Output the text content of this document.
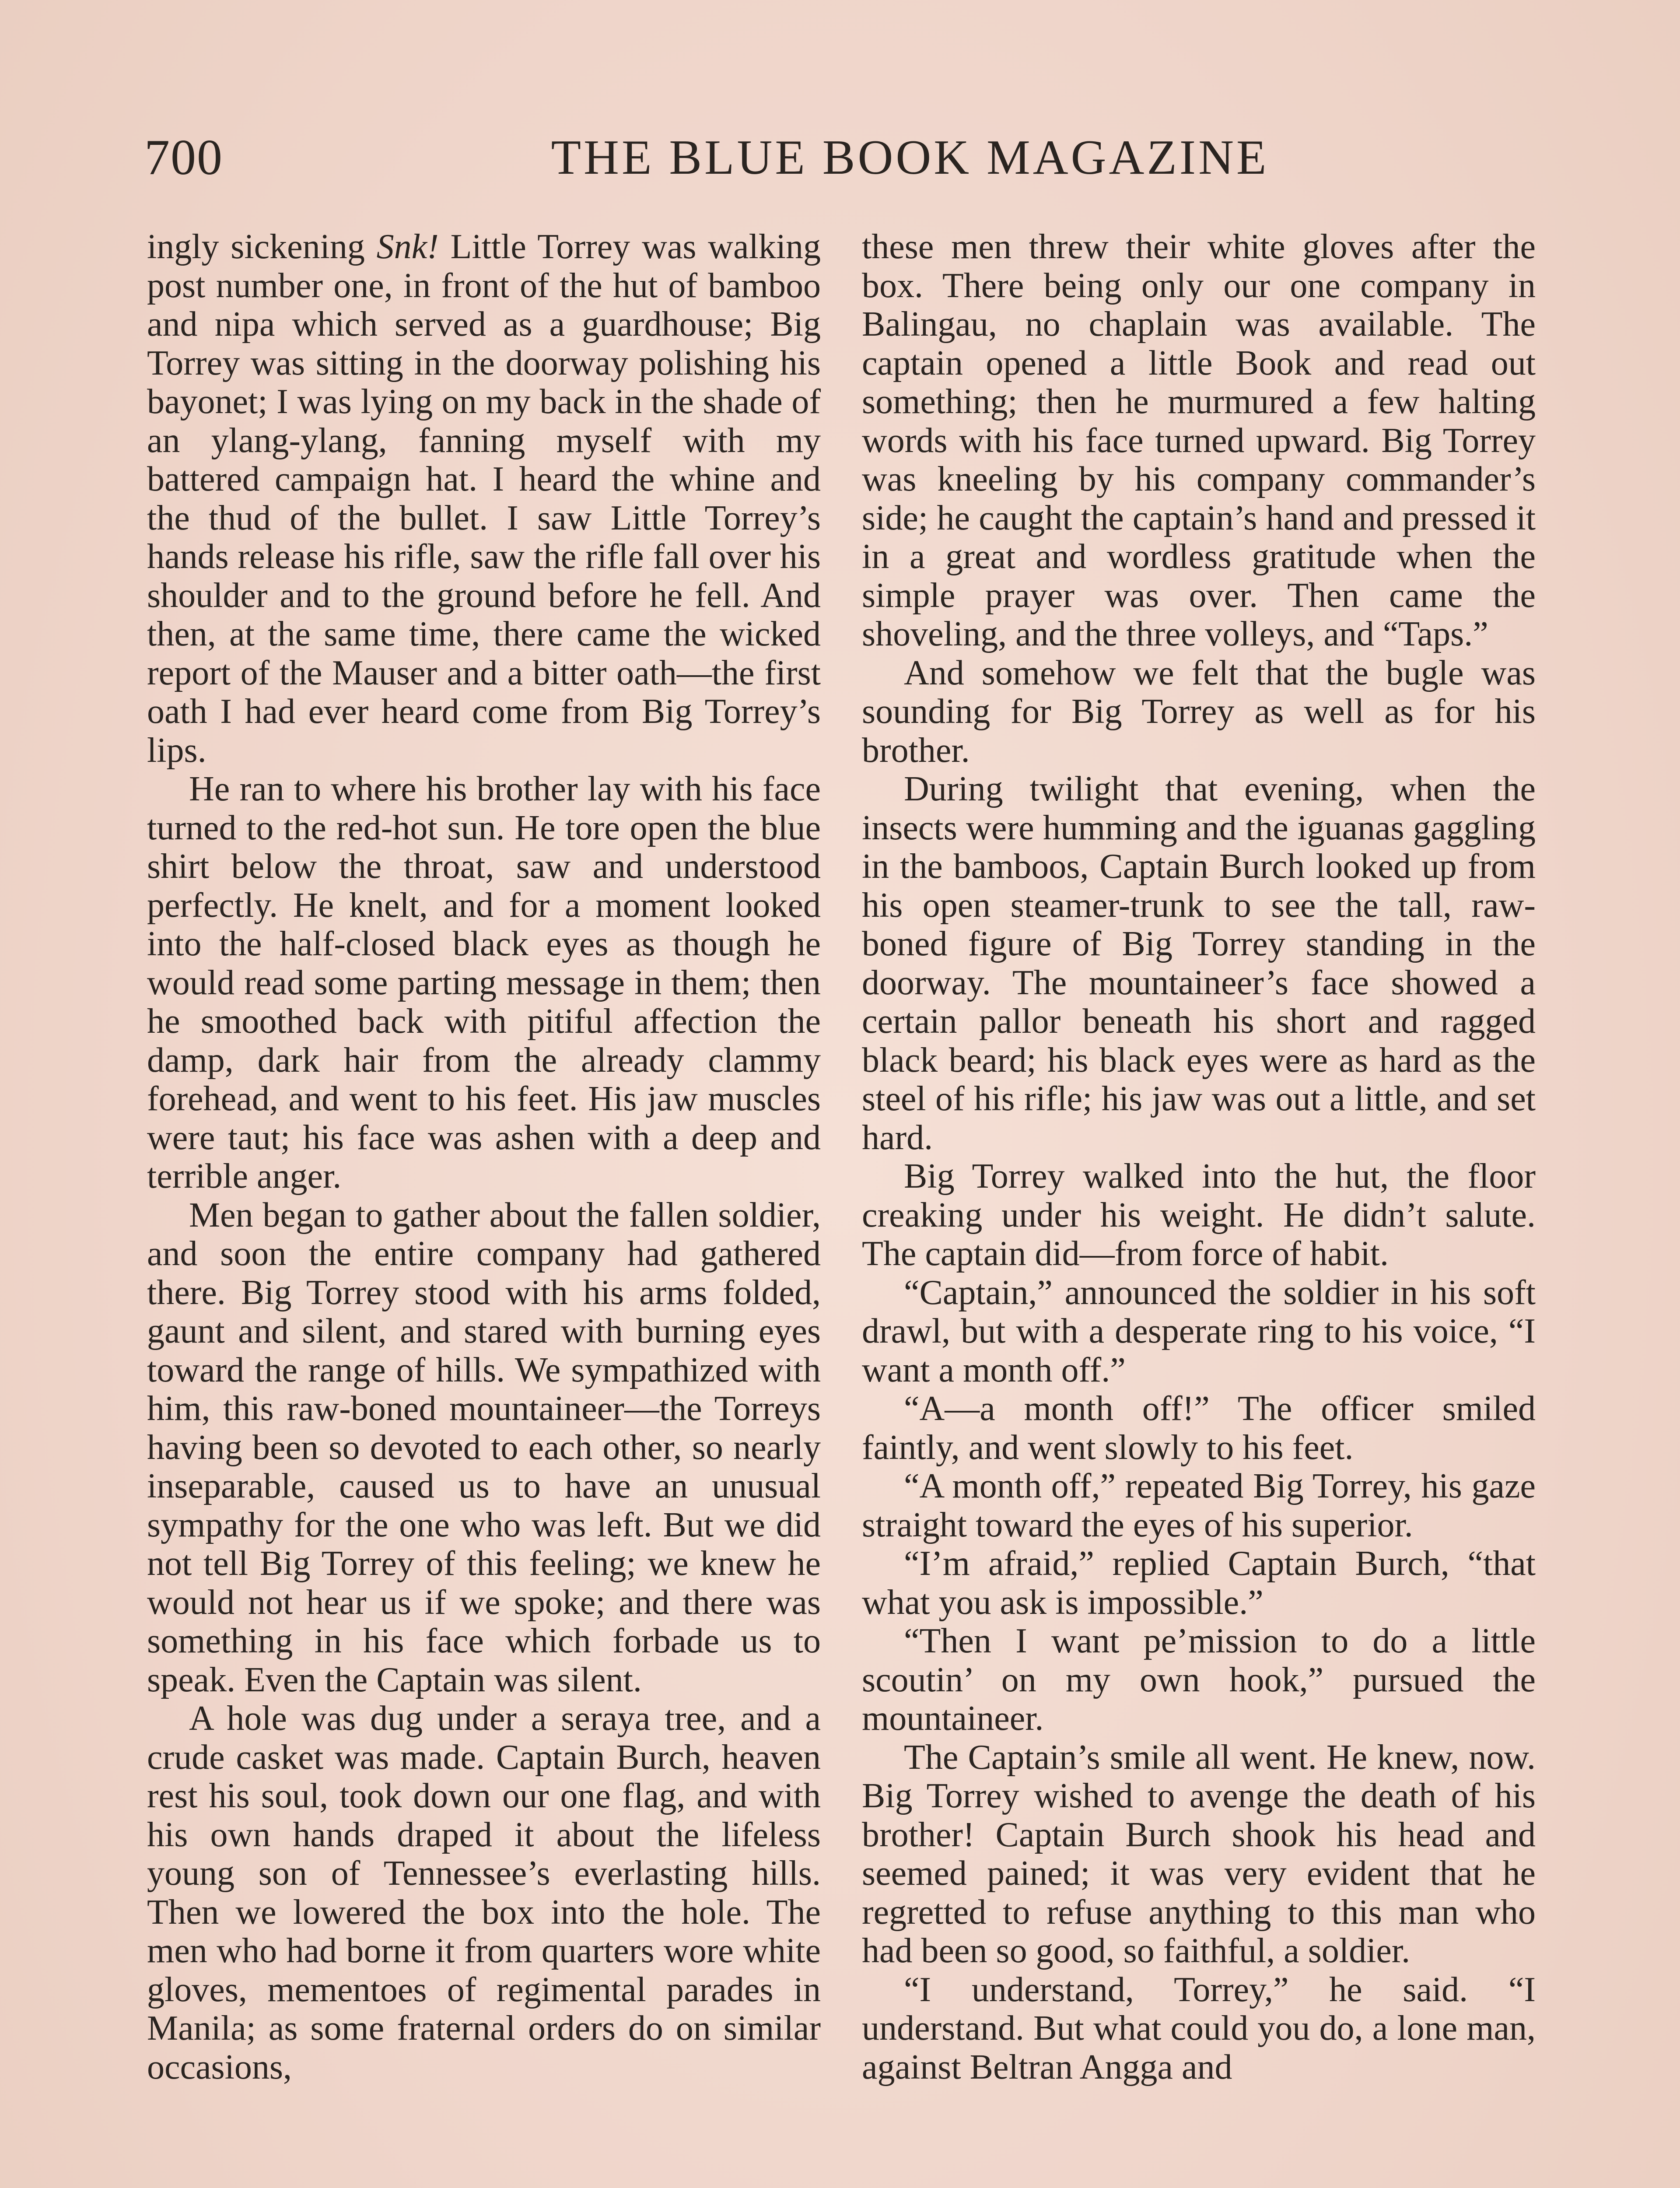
700	THE BLUE BOOK MAGAZINE

ingly sickening Snk! Little Torrey was walking post number one, in front of the hut of bamboo and nipa which served as a guardhouse; Big Torrey was sitting in the doorway polishing his bayonet; I was lying on my back in the shade of an ylang-ylang, fanning myself with my battered campaign hat. I heard the whine and the thud of the bullet. I saw Little Torrey’s hands release his rifle, saw the rifle fall over his shoulder and to the ground before he fell. And then, at the same time, there came the wicked report of the Mauser and a bitter oath—the first oath I had ever heard come from Big Torrey’s lips.

He ran to where his brother lay with his face turned to the red-hot sun. He tore open the blue shirt below the throat, saw and understood perfectly. He knelt, and for a moment looked into the half-closed black eyes as though he would read some parting message in them; then he smoothed back with pitiful affection the damp, dark hair from the already clammy forehead, and went to his feet. His jaw muscles were taut; his face was ashen with a deep and terrible anger.

Men began to gather about the fallen soldier, and soon the entire company had gathered there. Big Torrey stood with his arms folded, gaunt and silent, and stared with burning eyes toward the range of hills. We sympathized with him, this raw-boned mountaineer—the Torreys having been so devoted to each other, so nearly inseparable, caused us to have an unusual sympathy for the one who was left. But we did not tell Big Torrey of this feeling; we knew he would not hear us if we spoke; and there was something in his face which forbade us to speak. Even the Captain was silent.

A hole was dug under a seraya tree, and a crude casket was made. Captain Burch, heaven rest his soul, took down our one flag, and with his own hands draped it about the lifeless young son of Tennessee’s everlasting hills. Then we lowered the box into the hole. The men who had borne it from quarters wore white gloves, mementoes of regimental parades in Manila; as some fraternal orders do on similar occasions,

these men threw their white gloves after the box. There being only our one company in Balingau, no chaplain was available. The captain opened a little Book and read out something; then he murmured a few halting words with his face turned upward. Big Torrey was kneeling by his company commander’s side; he caught the captain’s hand and pressed it in a great and wordless gratitude when the simple prayer was over. Then came the shoveling, and the three volleys, and “Taps.”

And somehow we felt that the bugle was sounding for Big Torrey as well as for his brother.

During twilight that evening, when the insects were humming and the iguanas gaggling in the bamboos, Captain Burch looked up from his open steamer-trunk to see the tall, raw-boned figure of Big Torrey standing in the doorway. The mountaineer’s face showed a certain pallor beneath his short and ragged black beard; his black eyes were as hard as the steel of his rifle; his jaw was out a little, and set hard.

Big Torrey walked into the hut, the floor creaking under his weight. He didn’t salute. The captain did—from force of habit.

“Captain,” announced the soldier in his soft drawl, but with a desperate ring to his voice, “I want a month off.”

“A—a month off!” The officer smiled faintly, and went slowly to his feet.

“A month off,” repeated Big Torrey, his gaze straight toward the eyes of his superior.

“I’m afraid,” replied Captain Burch, “that what you ask is impossible.”

“Then I want pe’mission to do a little scoutin’ on my own hook,” pursued the mountaineer.

The Captain’s smile all went. He knew, now. Big Torrey wished to avenge the death of his brother! Captain Burch shook his head and seemed pained; it was very evident that he regretted to refuse anything to this man who had been so good, so faithful, a soldier.

“I understand, Torrey,” he said. “I understand. But what could you do, a lone man, against Beltran Angga and
